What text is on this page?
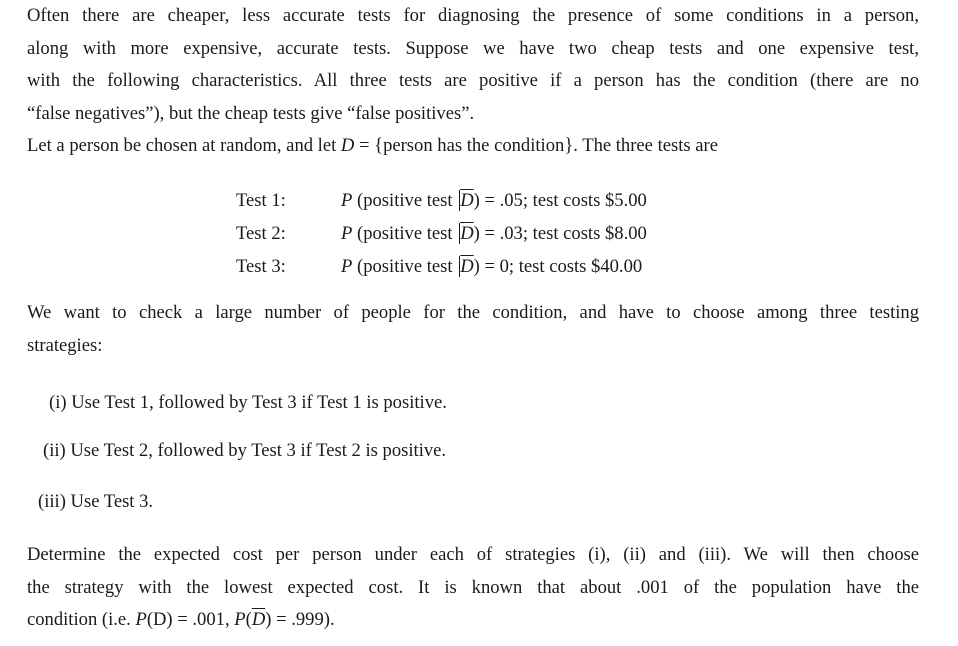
Often there are cheaper, less accurate tests for diagnosing the presence of some conditions in a person,
along with more expensive, accurate tests. Suppose we have two cheap tests and one expensive test,
with the following characteristics. All three tests are positive if a person has the condition (there are no
“false negatives”), but the cheap tests give “false positives”.
Let a person be chosen at random, and let D = {person has the condition}. The three tests are
Test 1:	P (positive test $\overline{D}) = .05$; test costs $5.00
Test 2:	P (positive test $\overline{D}) = .03$; test costs $8.00
Test 3:	P (positive test $\overline{D}) = 0$; test costs $40.00
We want to check a large number of people for the condition, and have to choose among three testing
strategies:

(i) Use Test 1, followed by Test 3 if Test 1 is positive.

(ii) Use Test 2, followed by Test 3 if Test 2 is positive.

(iii) Use Test 3.

Determine the expected cost per person under each of strategies (i), (ii) and (iii). We will then choose
the strategy with the lowest expected cost. It is known that about .001 of the population have the
condition (i.e. P(D) = .001, $P(\overline{D}) = .999$).
